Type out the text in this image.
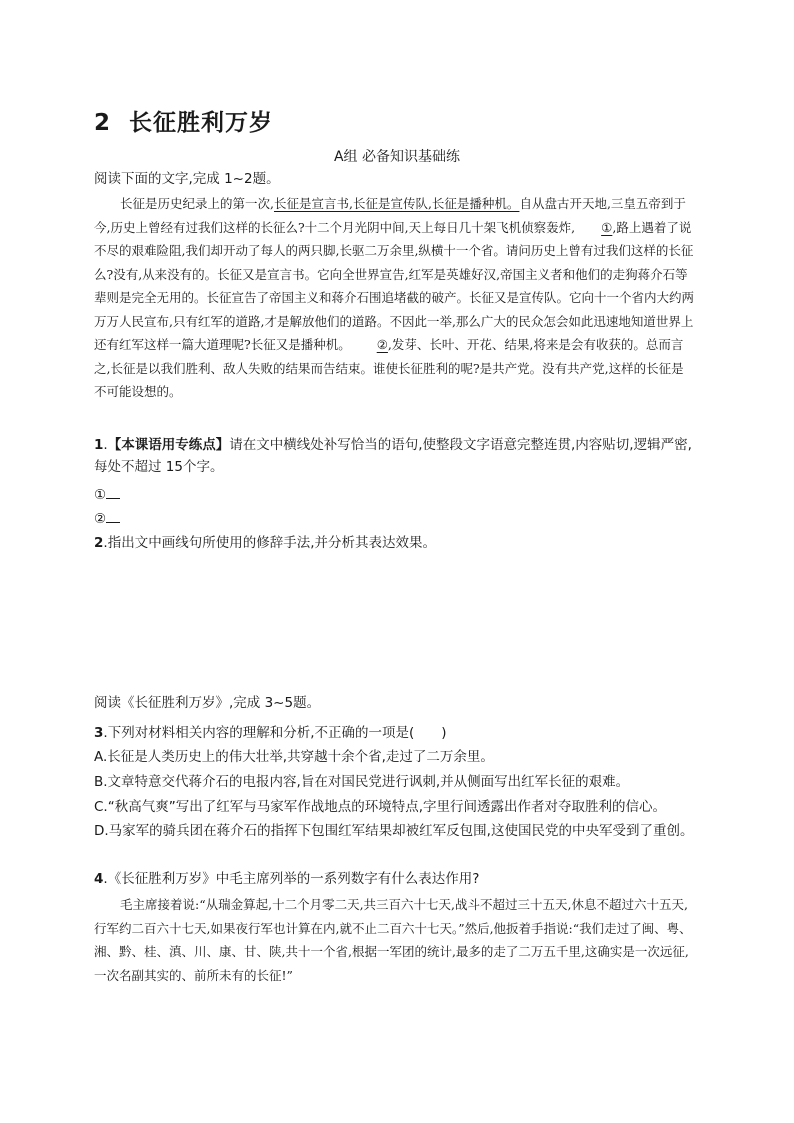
2 长征胜利万岁
A组 必备知识基础练
阅读下面的文字,完成 1~2题。

长征是历史纪录上的第一次,长征是宣言书,长征是宣传队,长征是播种机。自从盘古开天地,三皇五帝到于今,历史上曾经有过我们这样的长征么?十二个月光阴中间,天上每日几十架飞机侦察轰炸, ①,路上遇着了说不尽的艰难险阻,我们却开动了每人的两只脚,长驱二万余里,纵横十一个省。请问历史上曾有过我们这样的长征么?没有,从来没有的。长征又是宣言书。它向全世界宣告,红军是英雄好汉,帝国主义者和他们的走狗蒋介石等辈则是完全无用的。长征宣告了帝国主义和蒋介石围追堵截的破产。长征又是宣传队。它向十一个省内大约两万万人民宣布,只有红军的道路,才是解放他们的道路。不因此一举,那么广大的民众怎会如此迅速地知道世界上还有红军这样一篇大道理呢?长征又是播种机。 ②,发芽、长叶、开花、结果,将来是会有收获的。总而言之,长征是以我们胜利、敌人失败的结果而告结束。谁使长征胜利的呢?是共产党。没有共产党,这样的长征是不可能设想的。

1.【本课语用专练点】请在文中横线处补写恰当的语句,使整段文字语意完整连贯,内容贴切,逻辑严密,每处不超过 15个字。

①
②
2.指出文中画线句所使用的修辞手法,并分析其表达效果。
阅读《长征胜利万岁》,完成 3~5题。
3.下列对材料相关内容的理解和分析,不正确的一项是(　　)
A.长征是人类历史上的伟大壮举,共穿越十余个省,走过了二万余里。
B.文章特意交代蒋介石的电报内容,旨在对国民党进行讽刺,并从侧面写出红军长征的艰难。
C.“秋高气爽”写出了红军与马家军作战地点的环境特点,字里行间透露出作者对夺取胜利的信心。
D.马家军的骑兵团在蒋介石的指挥下包围红军结果却被红军反包围,这使国民党的中央军受到了重创。
4.《长征胜利万岁》中毛主席列举的一系列数字有什么表达作用?

毛主席接着说:“从瑞金算起,十二个月零二天,共三百六十七天,战斗不超过三十五天,休息不超过六十五天,行军约二百六十七天,如果夜行军也计算在内,就不止二百六十七天。”然后,他扳着手指说:“我们走过了闽、粤、湘、黔、桂、滇、川、康、甘、陕,共十一个省,根据一军团的统计,最多的走了二万五千里,这确实是一次远征,一次名副其实的、前所未有的长征!”
